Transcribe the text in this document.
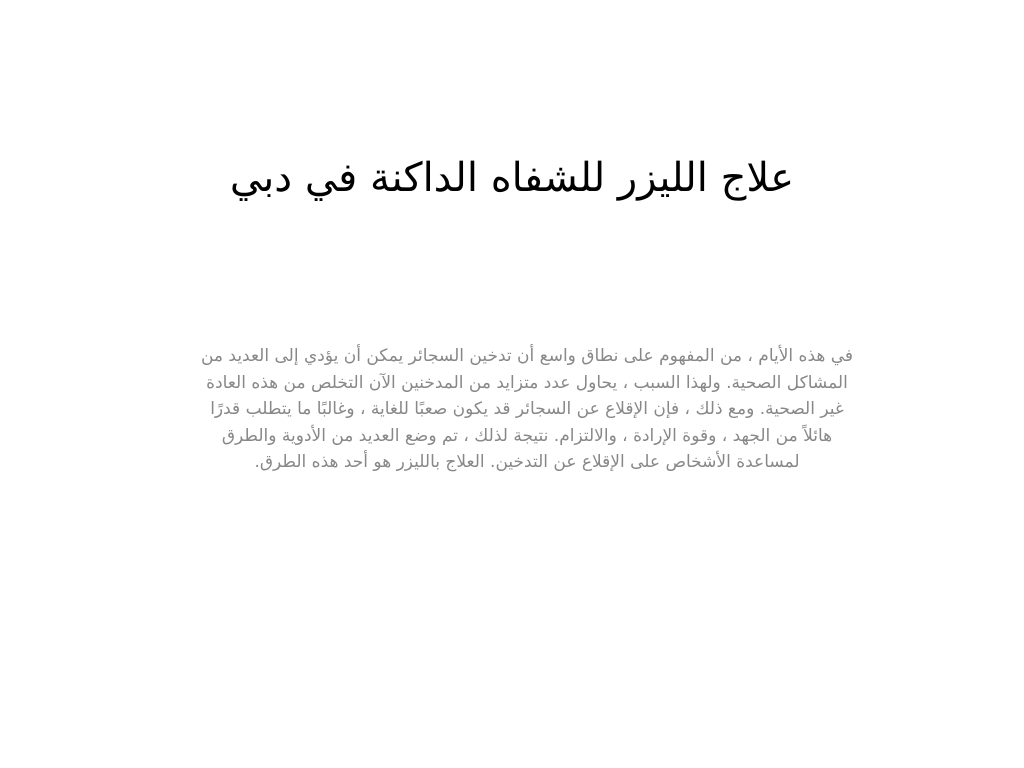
علاج الليزر للشفاه الداكنة في دبي
في هذه الأيام ، من المفهوم على نطاق واسع أن تدخين السجائر يمكن أن يؤدي إلى العديد من
المشاكل الصحية. ولهذا السبب ، يحاول عدد متزايد من المدخنين الآن التخلص من هذه العادة
غير الصحية. ومع ذلك ، فإن الإقلاع عن السجائر قد يكون صعبًا للغاية ، وغالبًا ما يتطلب قدرًا
هائلاً من الجهد ، وقوة الإرادة ، والالتزام. نتيجة لذلك ، تم وضع العديد من الأدوية والطرق
لمساعدة الأشخاص على الإقلاع عن التدخين. العلاج بالليزر هو أحد هذه الطرق.
